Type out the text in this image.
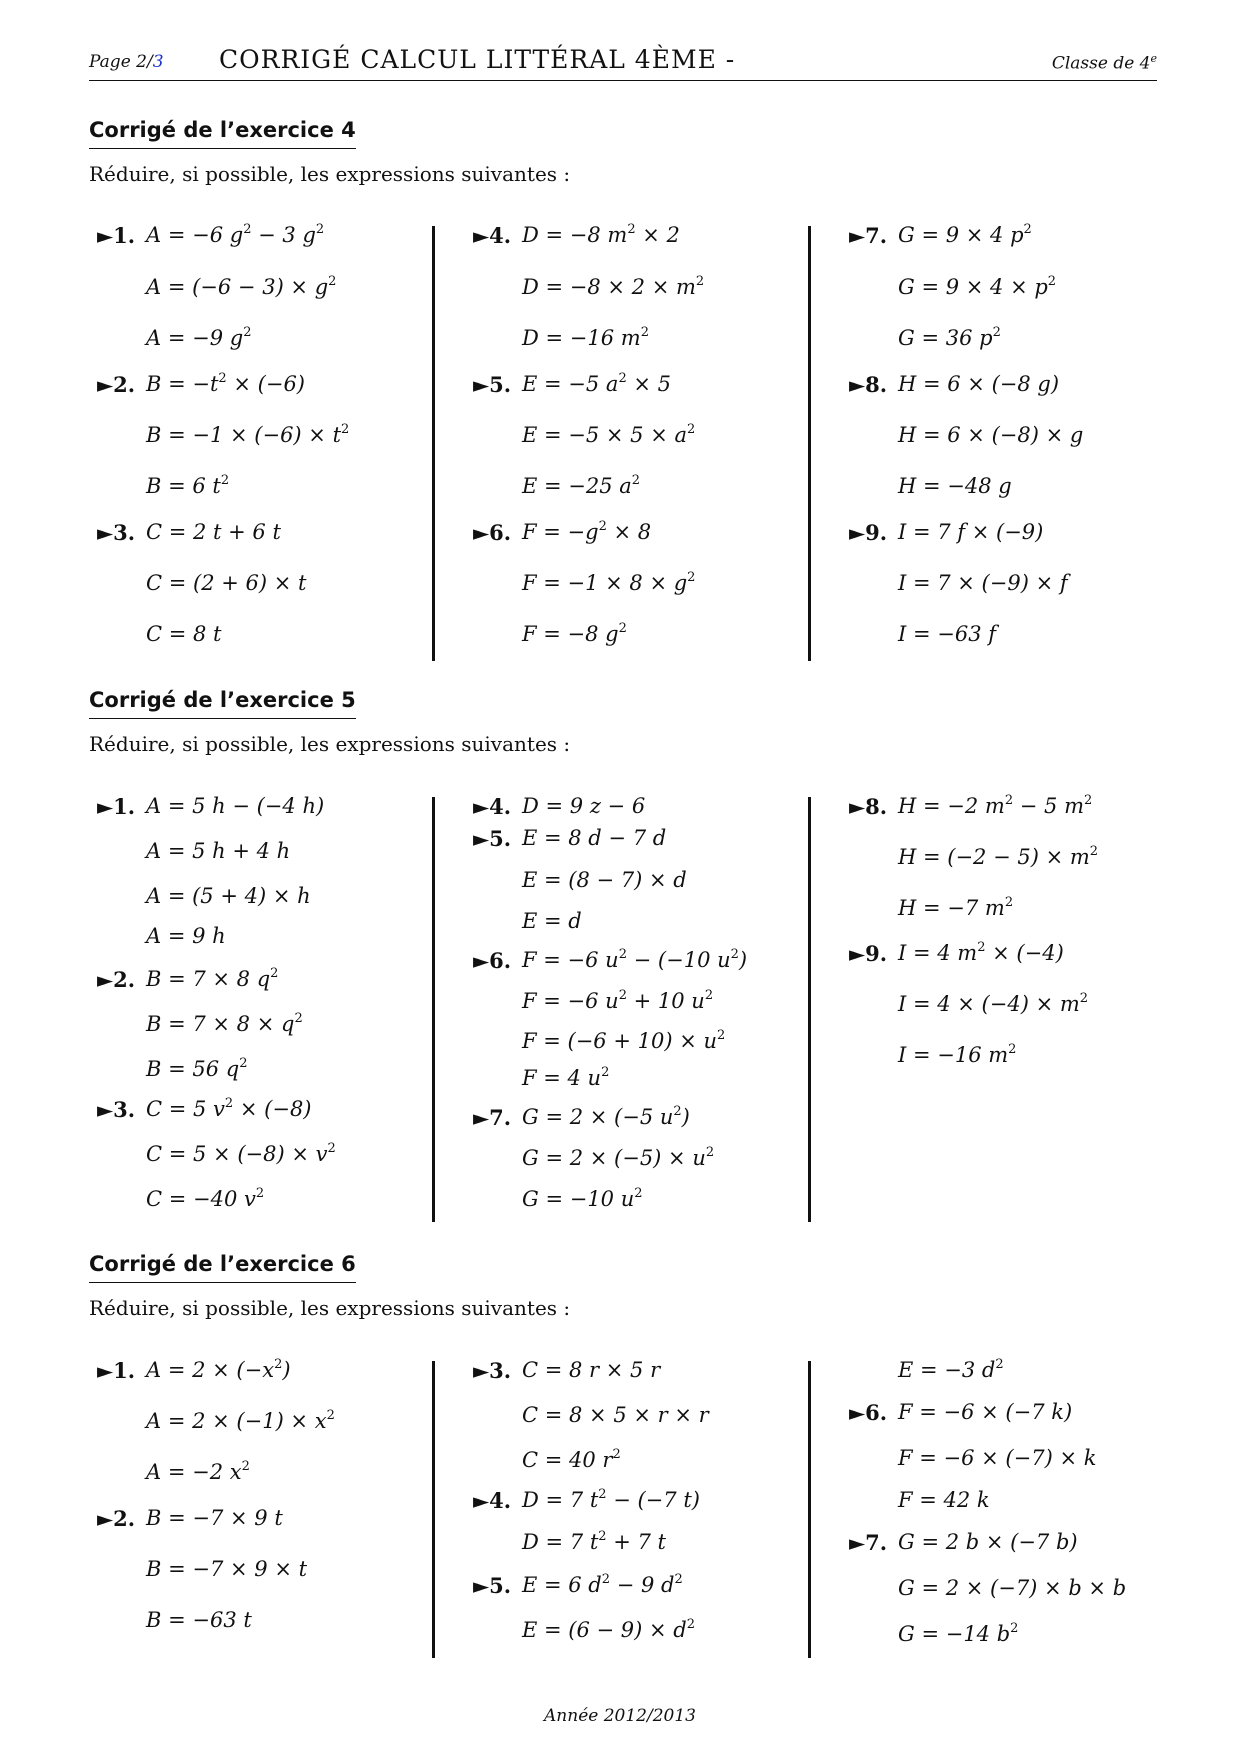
Page 2/3 CORRIGÉ CALCUL LITTÉRAL 4ÈME -	Classe de 4e
Corrigé de l’exercice 4
Réduire, si possible, les expressions suivantes :
Corrigé de l’exercice 5
Réduire, si possible, les expressions suivantes :
Corrigé de l’exercice 6
Réduire, si possible, les expressions suivantes :
Année 2012/2013
►1. A = −6 $g^2 - 3$ $g^2$
$A = (-6 - 3) \times g^2$
A = −9 $g^2$
►2. $B = -t^2 \times (-6)$
$B = -1 \times (-6) \times t^2$
B = 6 $t^2$
►3. C = 2 t + 6 t
C = (2 + 6) × t
C = 8 t
►4. D = −8 $m^2 \times 2$
$D = -8 \times 2 \times m^2$
D = −16 $m^2$
►5. E = −5 $a^2 \times 5$
$E = -5 \times 5 \times a^2$
E = −25 $a^2$
►6. $F = -g^2 \times 8$
$F = -1 \times 8 \times g^2$
F = −8 $g^2$
►7. G = 9 × 4 $p^2$
$G = 9 \times 4 \times p^2$
G = 36 $p^2$
►8. H = 6 × (−8 g)
H = 6 × (−8) × g
H = −48 g
►9. I = 7 f × (−9)
I = 7 × (−9) × f
I = −63 f
►1. A = 5 h − (−4 h)
A = 5 h + 4 h
A = (5 + 4) × h
A = 9 h
►2. B = 7 × 8 $q^2$
$B = 7 \times 8 \times q^2$
B = 56 $q^2$
►3. C = 5 $v^2 \times (-8)$
$C = 5 \times (-8) \times v^2$
C = −40 $v^2$
►4. D = 9 z − 6
►5. E = 8 d − 7 d
E = (8 − 7) × d
E = d
►6. F = −6 $u^2 - (-10$ $u^2$)
F = −6 $u^2 + 10$ $u^2$
$F = (-6 + 10) \times u^2$
F = 4 $u^2$
►7. G = 2 × (−5 $u^2$)
$G = 2 \times (-5) \times u^2$
G = −10 $u^2$
►8. H = −2 $m^2 - 5$ $m^2$
$H = (-2 - 5) \times m^2$
H = −7 $m^2$
►9. I = 4 $m^2 \times (-4)$
$I = 4 \times (-4) \times m^2$
I = −16 $m^2$
►1. $A = 2 \times (-x^2)$
$A = 2 \times (-1) \times x^2$
A = −2 $x^2$
►2. B = −7 × 9 t
B = −7 × 9 × t
B = −63 t
►3. C = 8 r × 5 r
C = 8 × 5 × r × r
C = 40 $r^2$
►4. D = 7 $t^2 - (-7$ t)
D = 7 $t^2 + 7$ t
►5. E = 6 $d^2 - 9$ $d^2$
$E = (6 - 9) \times d^2$
E = −3 $d^2$
►6. F = −6 × (−7 k)
F = −6 × (−7) × k
F = 42 k
►7. G = 2 b × (−7 b)
G = 2 × (−7) × b × b
G = −14 $b^2$
